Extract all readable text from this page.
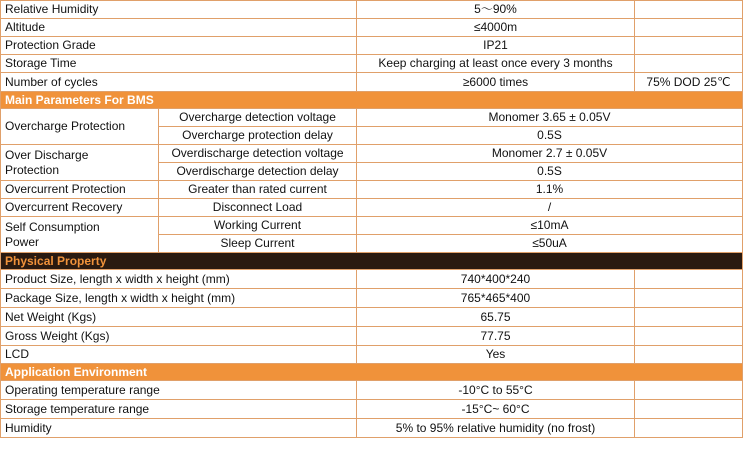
Relative Humidity		5～90%	
Altitude		≤4000m	
Protection Grade		IP21	
Storage Time		Keep charging at least once every 3 months	
Number of cycles		≥6000 times	75% DOD 25℃
Main Parameters For BMS			
Overcharge Protection	Overcharge detection voltage	Monomer 3.65 ± 0.05V	
	Overcharge protection delay	0.5S	

Over Discharge
Protection	Overdischarge detection voltage	Monomer 2.7 ± 0.05V	
	Overdischarge detection delay	0.5S	
Overcurrent Protection	Greater than rated current	1.1%	
Overcurrent Recovery	Disconnect Load	/	

Self Consumption
Power	Working Current	≤10mA	
	Sleep Current	≤50uA	
Physical Property			
Product Size, length x width x height (mm)		740*400*240	
Package Size, length x width x height (mm)		765*465*400	
Net Weight (Kgs)		65.75	
Gross Weight (Kgs)		77.75	
LCD		Yes	
Application Environment			
Operating temperature range		-10°C to 55°C	
Storage temperature range		-15°C~ 60°C	
Humidity		5% to 95% relative humidity (no frost)	
